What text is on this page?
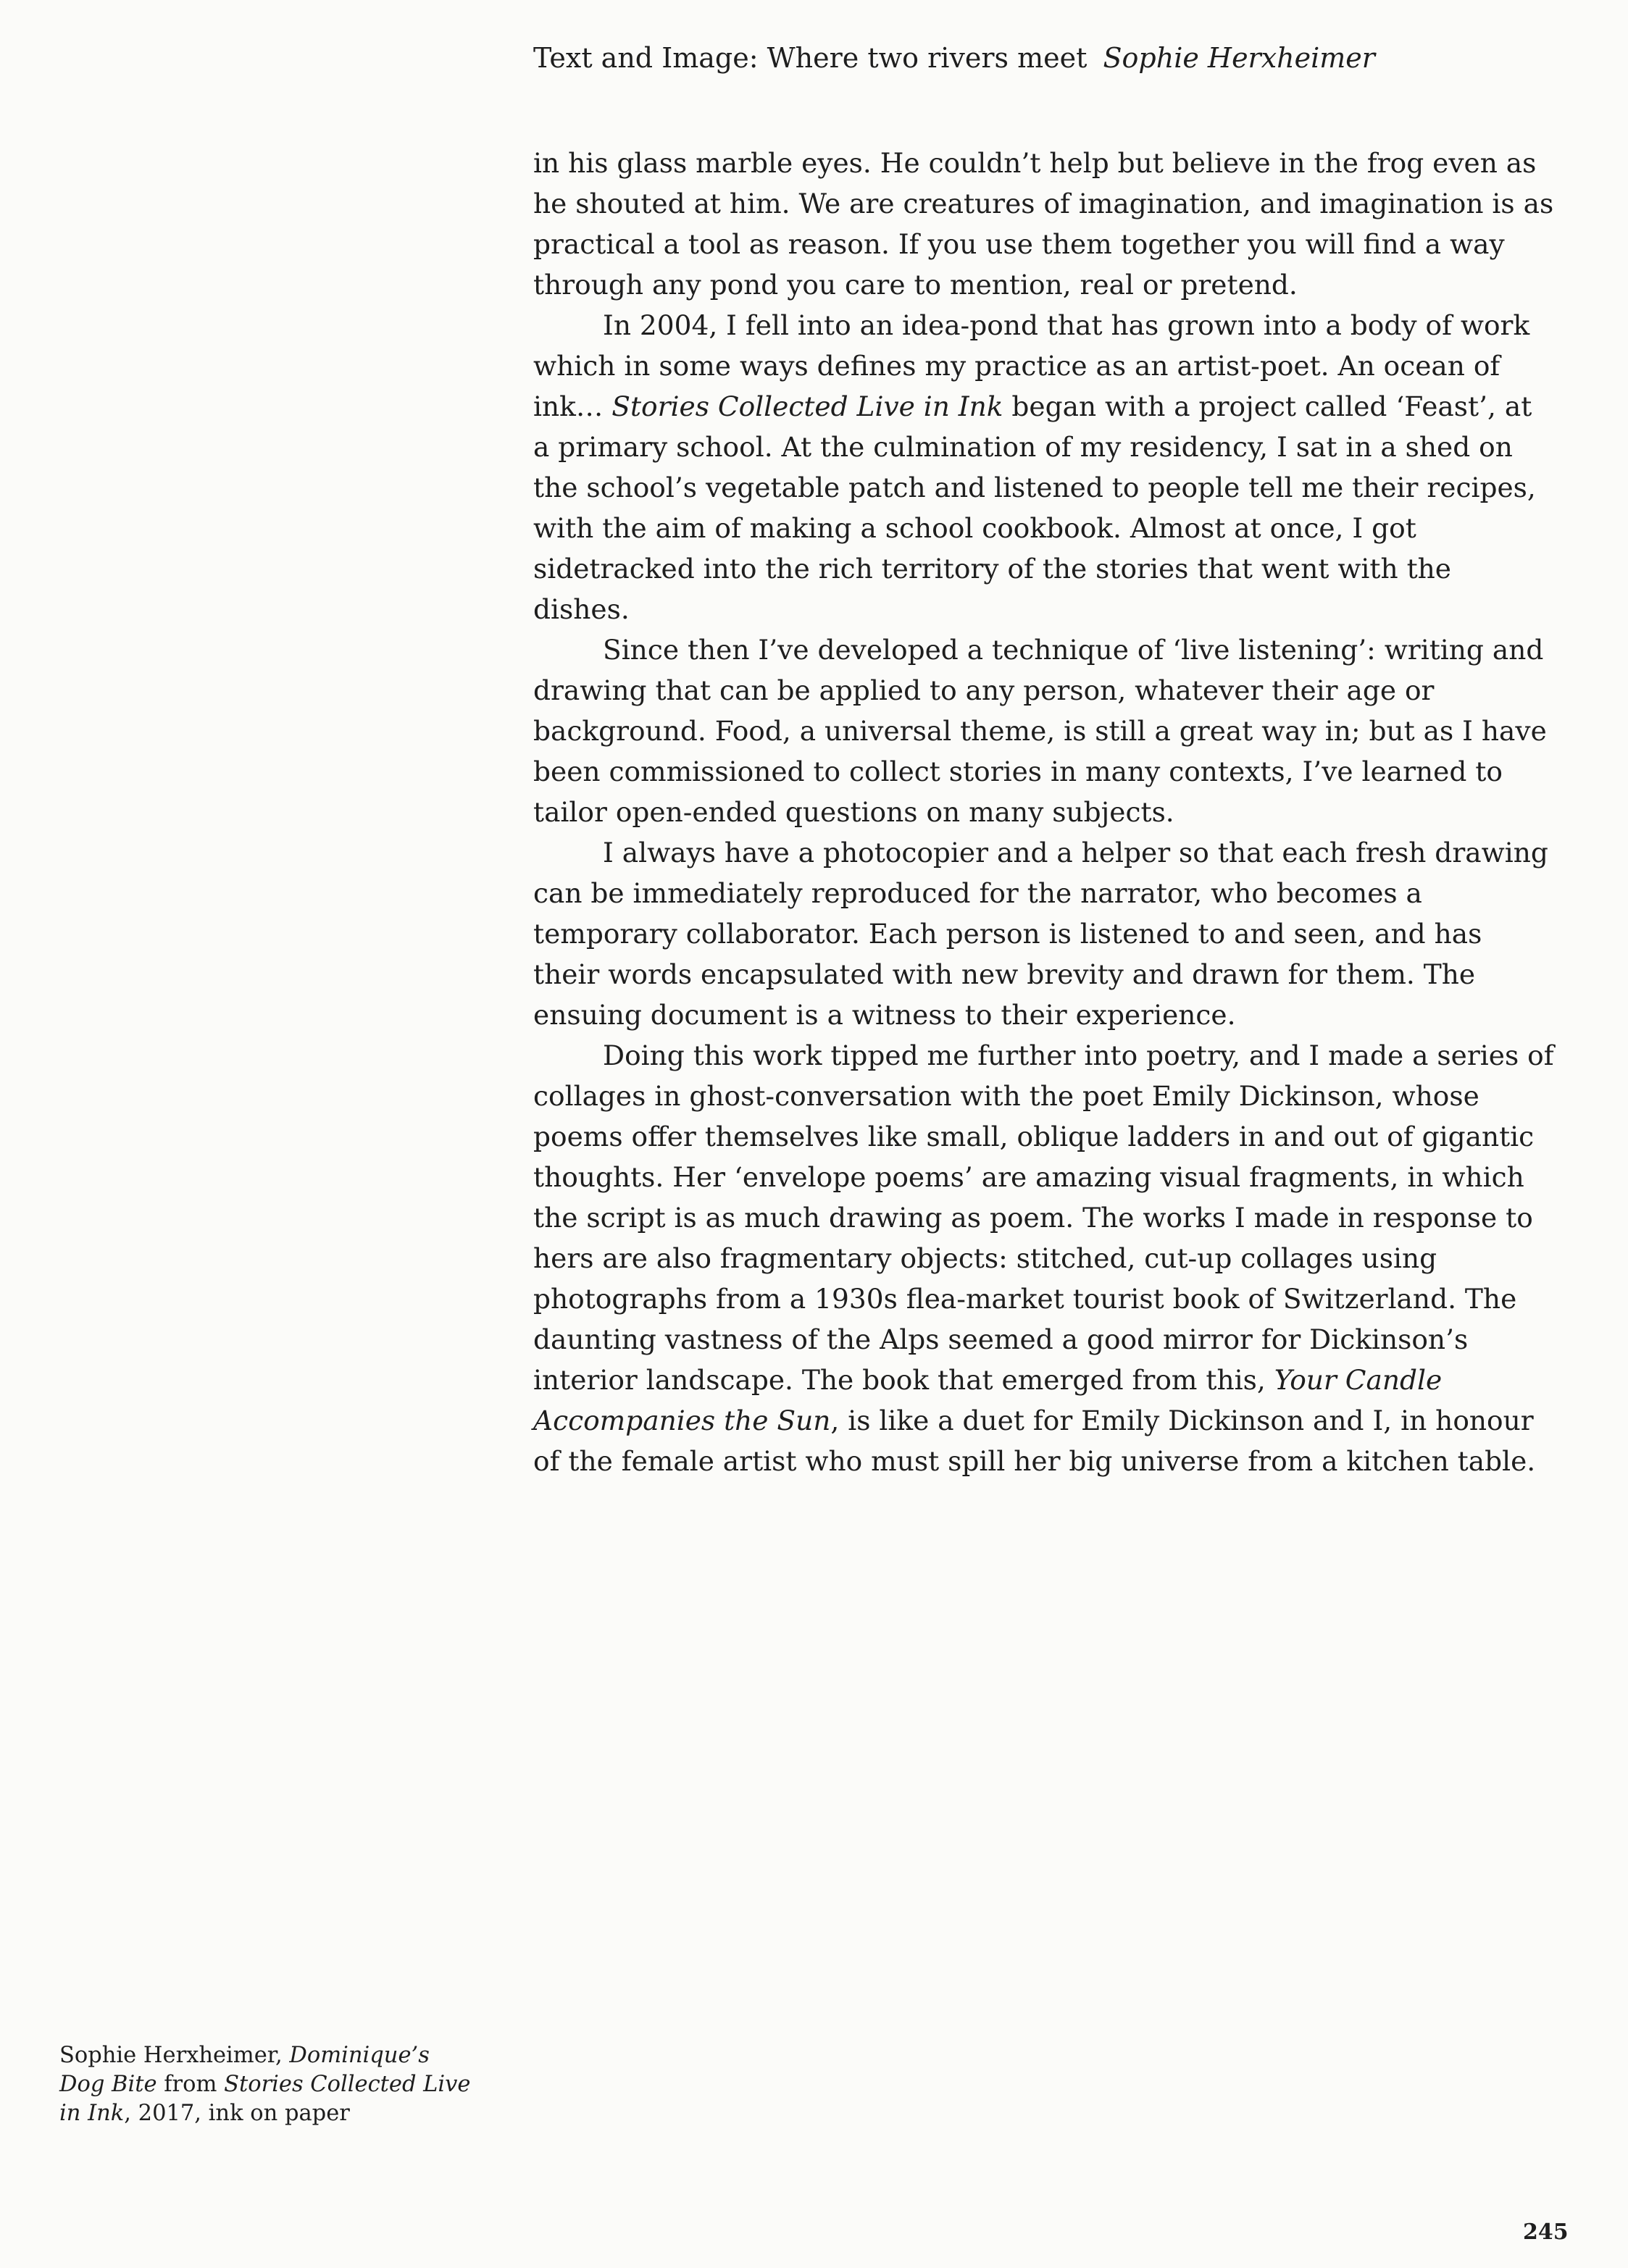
Text and Image: Where two rivers meet Sophie Herxheimer

in his glass marble eyes. He couldn’t help but believe in the frog even as he shouted at him. We are creatures of imagination, and imagination is as practical a tool as reason. If you use them together you will find a way through any pond you care to mention, real or pretend.

In 2004, I fell into an idea-pond that has grown into a body of work which in some ways defines my practice as an artist-poet. An ocean of ink… Stories Collected Live in Ink began with a project called ‘Feast’, at a primary school. At the culmination of my residency, I sat in a shed on the school’s vegetable patch and listened to people tell me their recipes, with the aim of making a school cookbook. Almost at once, I got sidetracked into the rich territory of the stories that went with the dishes.

Since then I’ve developed a technique of ‘live listening’: writing and drawing that can be applied to any person, whatever their age or background. Food, a universal theme, is still a great way in; but as I have been commissioned to collect stories in many contexts, I’ve learned to tailor open-ended questions on many subjects.

I always have a photocopier and a helper so that each fresh drawing can be immediately reproduced for the narrator, who becomes a temporary collaborator. Each person is listened to and seen, and has their words encapsulated with new brevity and drawn for them. The ensuing document is a witness to their experience.

Doing this work tipped me further into poetry, and I made a series of collages in ghost-conversation with the poet Emily Dickinson, whose poems offer themselves like small, oblique ladders in and out of gigantic thoughts. Her ‘envelope poems’ are amazing visual fragments, in which the script is as much drawing as poem. The works I made in response to hers are also fragmentary objects: stitched, cut-up collages using photographs from a 1930s flea-market tourist book of Switzerland. The daunting vastness of the Alps seemed a good mirror for Dickinson’s interior landscape. The book that emerged from this, Your Candle Accompanies the Sun, is like a duet for Emily Dickinson and I, in honour of the female artist who must spill her big universe from a kitchen table.

Sophie Herxheimer, Dominique’s Dog Bite from Stories Collected Live in Ink, 2017, ink on paper
245
